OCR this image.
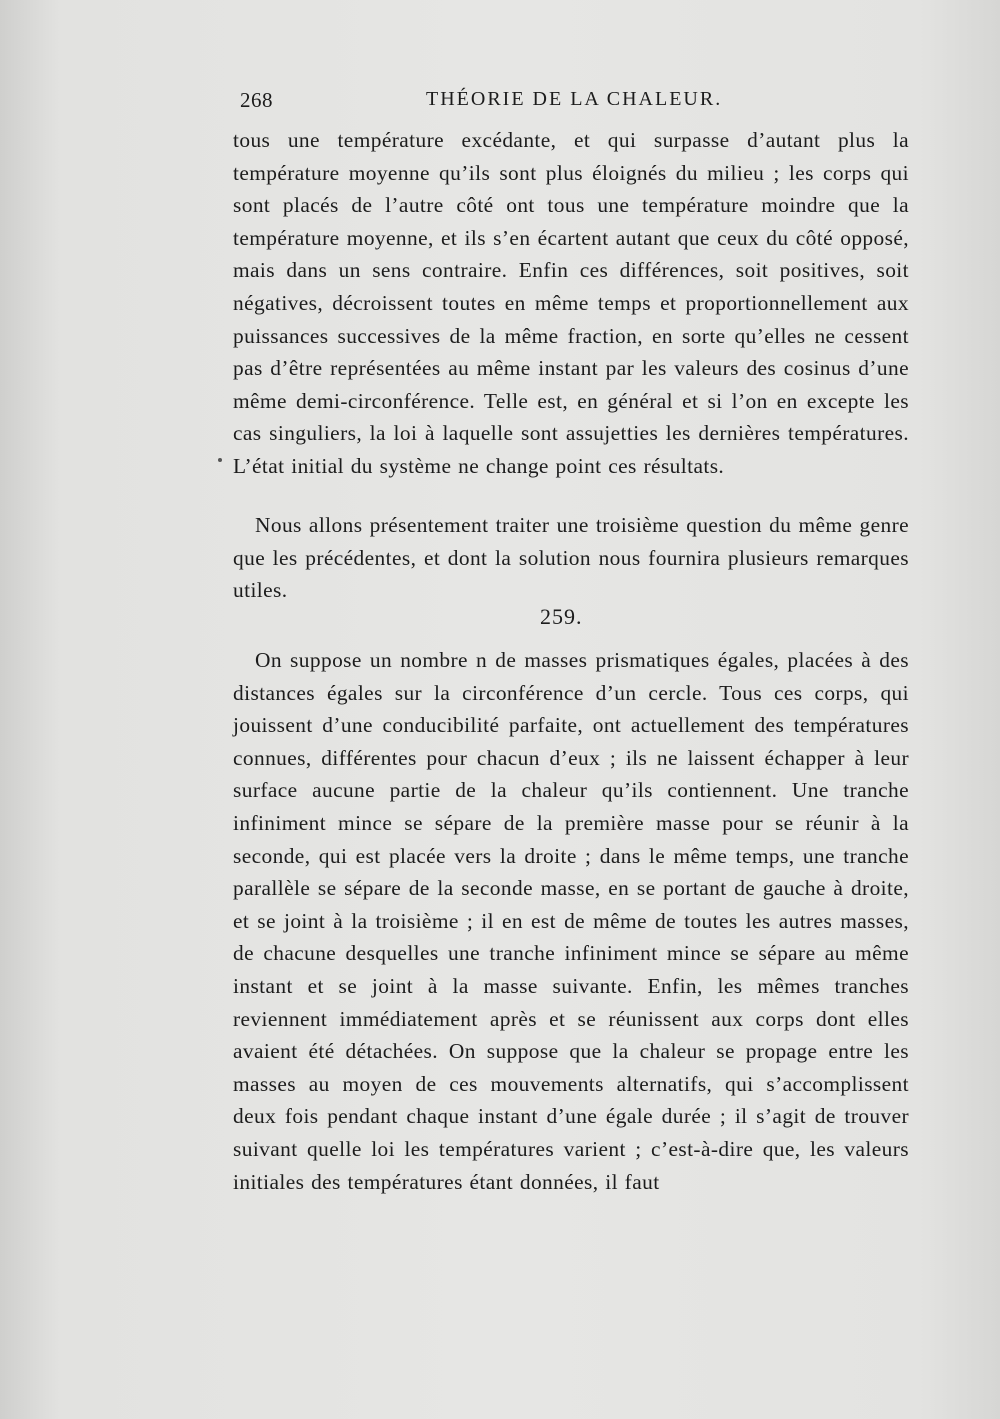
268	THÉORIE DE LA CHALEUR.

tous une température excédante, et qui surpasse d’autant plus la température moyenne qu’ils sont plus éloignés du milieu ; les corps qui sont placés de l’autre côté ont tous une température moindre que la température moyenne, et ils s’en écartent autant que ceux du côté opposé, mais dans un sens contraire. Enfin ces différences, soit positives, soit négatives, décroissent toutes en même temps et proportionnellement aux puissances successives de la même fraction, en sorte qu’elles ne cessent pas d’être représentées au même instant par les valeurs des cosinus d’une même demi-circonférence. Telle est, en général et si l’on en excepte les cas singuliers, la loi à laquelle sont assujetties les dernières températures. L’état initial du système ne change point ces résultats.

Nous allons présentement traiter une troisième question du même genre que les précédentes, et dont la solution nous fournira plusieurs remarques utiles.

259.

On suppose un nombre n de masses prismatiques égales, placées à des distances égales sur la circonférence d’un cercle. Tous ces corps, qui jouissent d’une conducibilité parfaite, ont actuellement des températures connues, différentes pour chacun d’eux ; ils ne laissent échapper à leur surface aucune partie de la chaleur qu’ils contiennent. Une tranche infiniment mince se sépare de la première masse pour se réunir à la seconde, qui est placée vers la droite ; dans le même temps, une tranche parallèle se sépare de la seconde masse, en se portant de gauche à droite, et se joint à la troisième ; il en est de même de toutes les autres masses, de chacune desquelles une tranche infiniment mince se sépare au même instant et se joint à la masse suivante. Enfin, les mêmes tranches reviennent immédiatement après et se réunissent aux corps dont elles avaient été détachées. On suppose que la chaleur se propage entre les masses au moyen de ces mouvements alternatifs, qui s’accomplissent deux fois pendant chaque instant d’une égale durée ; il s’agit de trouver suivant quelle loi les températures varient ; c’est-à-dire que, les valeurs initiales des températures étant données, il faut
